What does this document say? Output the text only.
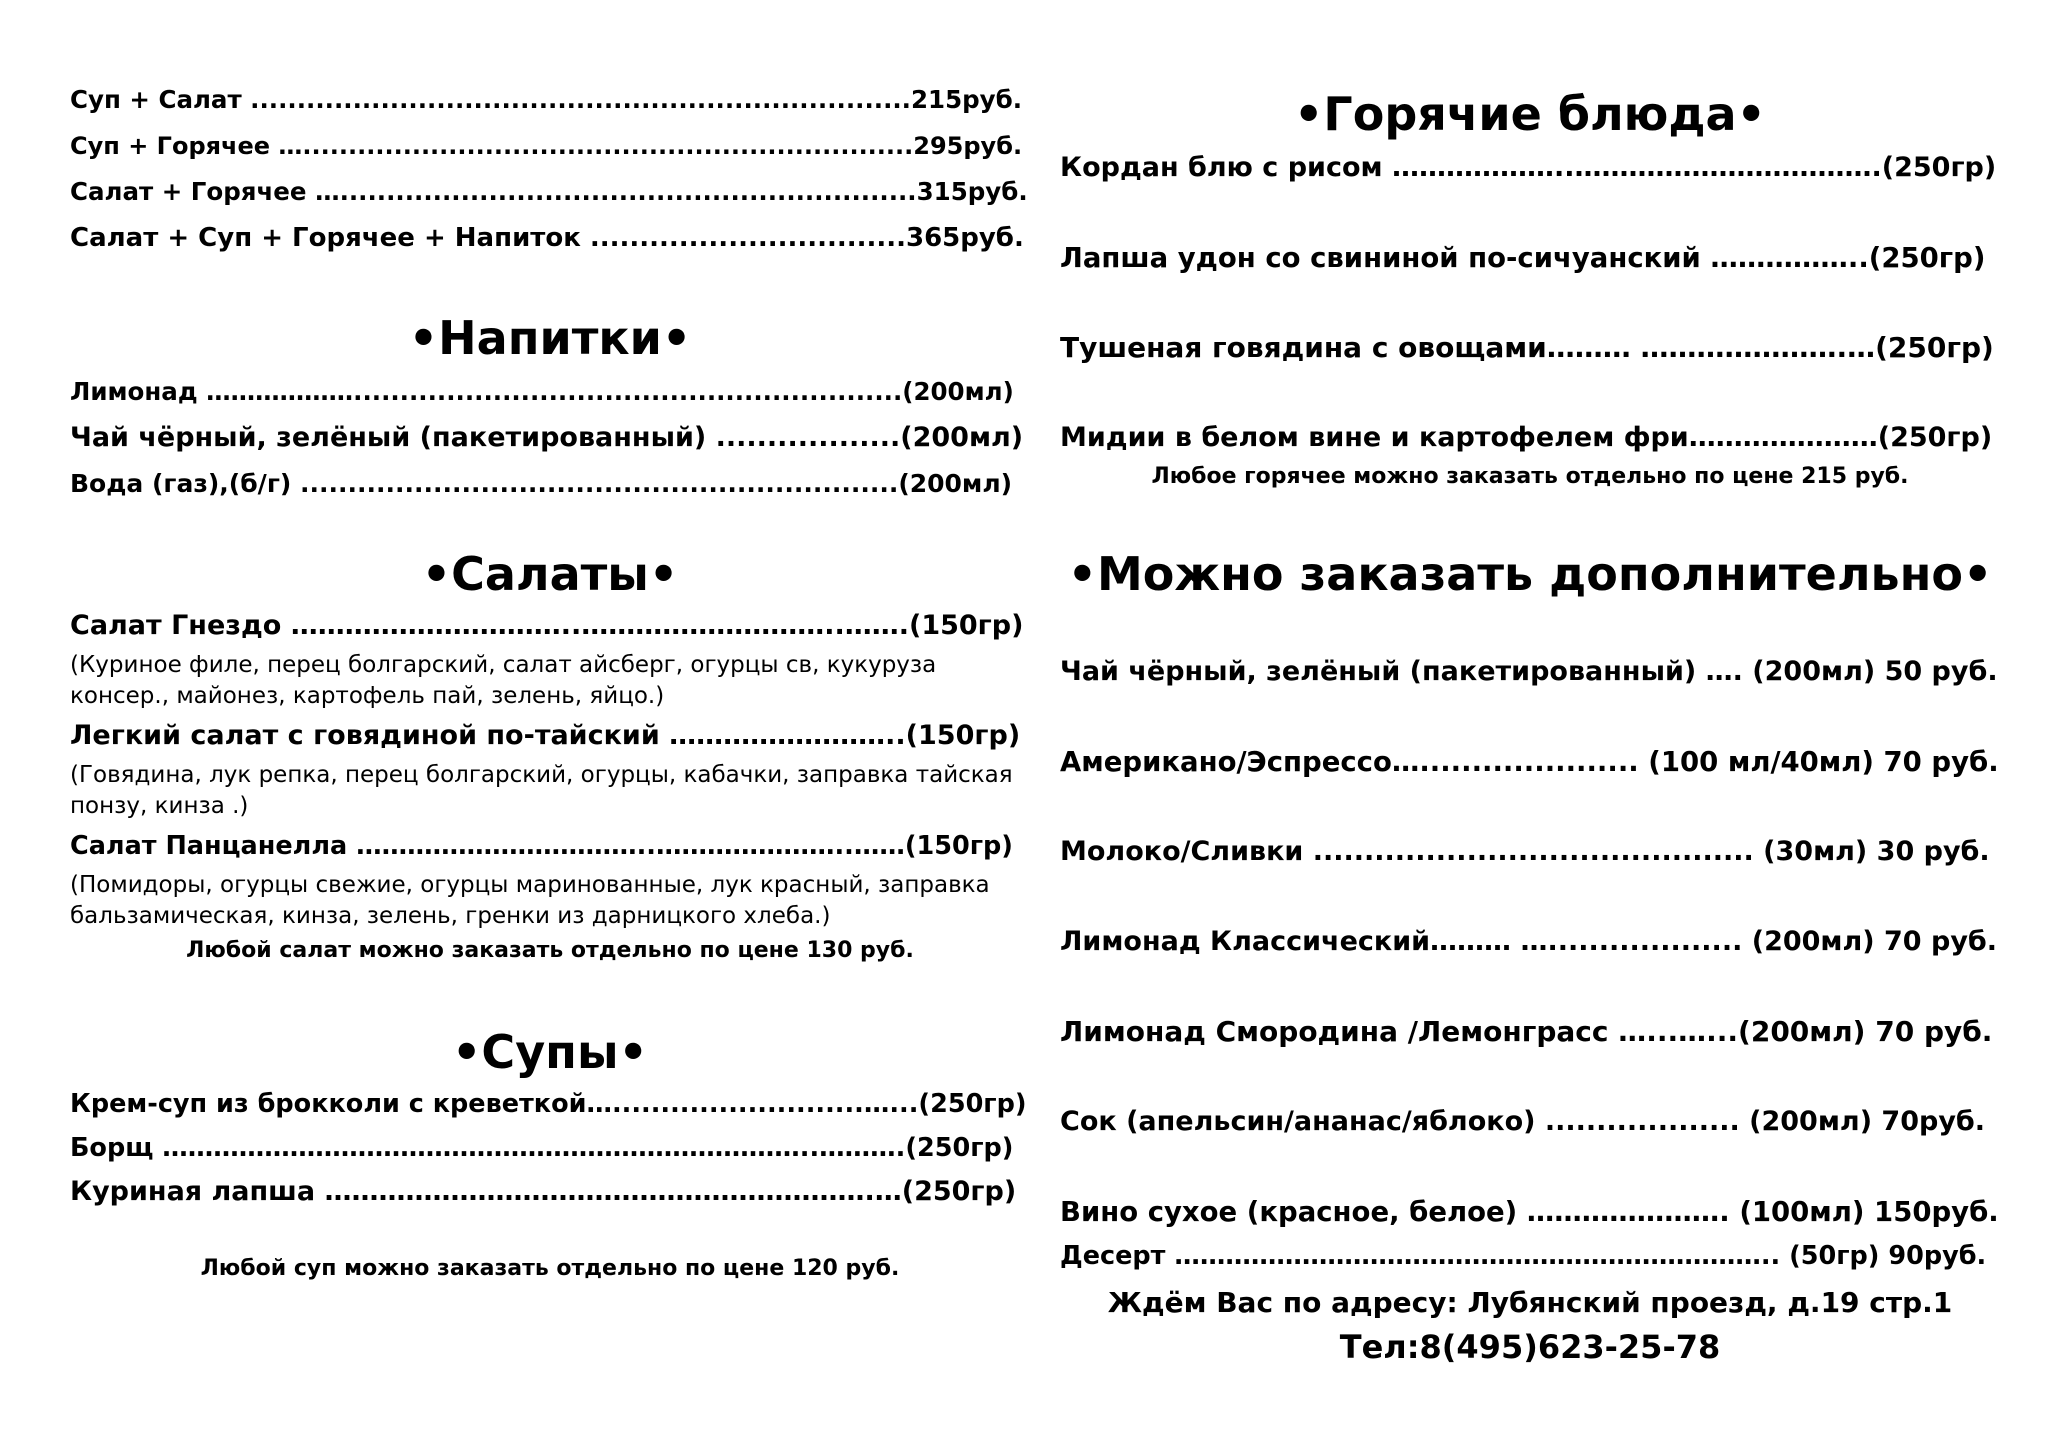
Суп + Салат .......................................................................215руб.
Суп + Горячее …...................................................................295руб.
Салат + Горячее …..............................................................315руб.
Салат + Суп + Горячее + Напиток ................................365руб.
•Напитки•
Лимонад ………………...........................................................(200мл)
Чай чёрный, зелёный (пакетированный) ..................(200мл)
Вода (газ),(б/г) ...............................................................(200мл)
•Салаты•
Салат Гнездо …………………………..………………………..…….(150гр)
(Куриное филе, перец болгарский, салат айсберг, огурцы св, кукуруза консер., майонез, картофель пай, зелень, яйцо.)
Легкий салат с говядиной по-тайский ……………………..(150гр)
(Говядина, лук репка, перец болгарский, огурцы, кабачки, заправка тайская понзу, кинза .)
Салат Панцанелла ……………………………..…………………..……(150гр)
(Помидоры, огурцы свежие, огурцы маринованные, лук красный, заправка бальзамическая, кинза, зелень, гренки из дарницкого хлеба.)
Любой салат можно заказать отдельно по цене 130 руб.
•Супы•
Крем-суп из брокколи с креветкой…..........................…...(250гр)
Борщ …………………………………………………………………..……….(250гр)
Куриная лапша …………………………………………………….…(250гр)
Любой суп можно заказать отдельно по цене 120 руб.
•Горячие блюда•
Кордан блю с рисом ………………..…………………………….(250гр)
Лапша удон со свининой по-сичуанский ……………..(250гр)
Тушеная говядина с овощами……… ………………….…(250гр)
Мидии в белом вине и картофелем фри…………………(250гр)
Любое горячее можно заказать отдельно по цене 215 руб.
•Можно заказать дополнительно•
Чай чёрный, зелёный (пакетированный) …. (200мл) 50 руб.
Американо/Эспрессо…..................... (100 мл/40мл) 70 руб.
Молоко/Сливки ........................................... (30мл) 30 руб.
Лимонад Классический……… …................... (200мл) 70 руб.
Лимонад Смородина /Лемонграсс …...…...(200мл) 70 руб.
Сок (апельсин/ананас/яблоко) ................... (200мл) 70руб.
Вино сухое (красное, белое) …………………. (100мл) 150руб.
Десерт …………………………………………………………….. (50гр) 90руб.
Ждём Вас по адресу: Лубянский проезд, д.19 стр.1
Тел:8(495)623-25-78
